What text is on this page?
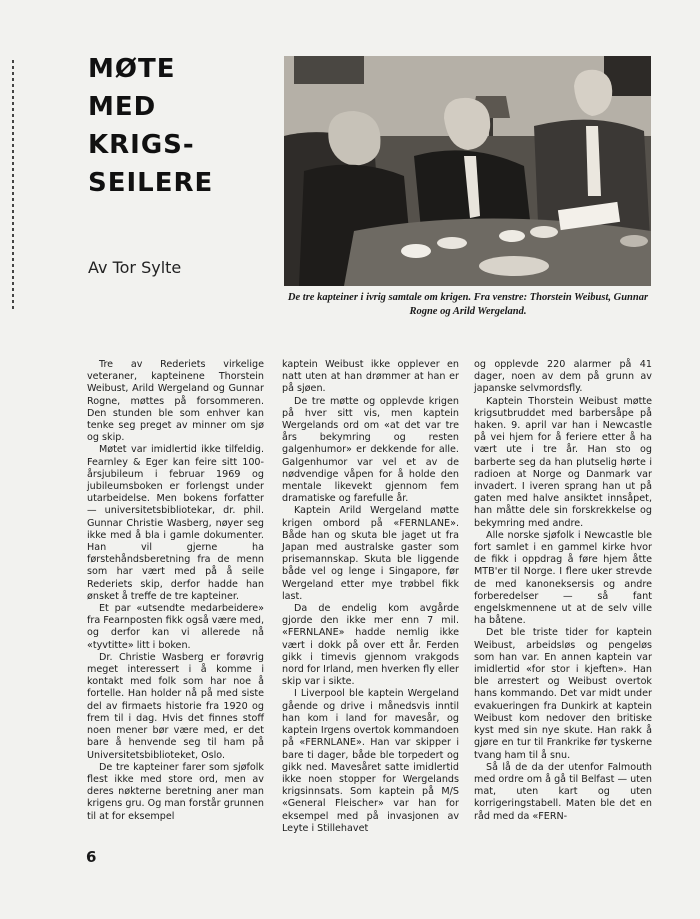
MØTE
MED
KRIGS-
SEILERE
Av Tor Sylte
De tre kapteiner i ivrig samtale om krigen. Fra venstre: Thorstein Weibust, Gunnar Rogne og Arild Wergeland.

Tre av Rederiets virkelige veteraner, kapteinene Thorstein Weibust, Arild Wergeland og Gunnar Rogne, møttes på forsommeren. Den stunden ble som enhver kan tenke seg preget av minner om sjø og skip.

Møtet var imidlertid ikke tilfeldig. Fearnley & Eger kan feire sitt 100-årsjubileum i februar 1969 og jubileumsboken er forlengst under utarbeidelse. Men bokens forfatter — universitetsbibliotekar, dr. phil. Gunnar Christie Wasberg, nøyer seg ikke med å bla i gamle dokumenter. Han vil gjerne ha førstehåndsberetning fra de menn som har vært med på å seile Rederiets skip, derfor hadde han ønsket å treffe de tre kapteiner.

Et par «utsendte medarbeidere» fra Fearnposten fikk også være med, og derfor kan vi allerede nå «tyvtitte» litt i boken.

Dr. Christie Wasberg er forøvrig meget interessert i å komme i kontakt med folk som har noe å fortelle. Han holder nå på med siste del av firmaets historie fra 1920 og frem til i dag. Hvis det finnes stoff noen mener bør være med, er det bare å henvende seg til ham på Universitetsbiblioteket, Oslo.

De tre kapteiner farer som sjøfolk flest ikke med store ord, men av deres nøkterne beretning aner man krigens gru. Og man forstår grunnen til at for eksempel

kaptein Weibust ikke opplever en natt uten at han drømmer at han er på sjøen.

De tre møtte og opplevde krigen på hver sitt vis, men kaptein Wergelands ord om «at det var tre års bekymring og resten galgenhumor» er dekkende for alle. Galgenhumor var vel et av de nødvendige våpen for å holde den mentale likevekt gjennom fem dramatiske og farefulle år.

Kaptein Arild Wergeland møtte krigen ombord på «FERNLANE». Både han og skuta ble jaget ut fra Japan med australske gaster som prisemannskap. Skuta ble liggende både vel og lenge i Singapore, før Wergeland etter mye trøbbel fikk last.

Da de endelig kom avgårde gjorde den ikke mer enn 7 mil. «FERNLANE» hadde nemlig ikke vært i dokk på over ett år. Ferden gikk i timevis gjennom vrakgods nord for Irland, men hverken fly eller skip var i sikte.

I Liverpool ble kaptein Wergeland gående og drive i månedsvis inntil han kom i land for mavesår, og kaptein Irgens overtok kommandoen på «FERNLANE». Han var skipper i bare ti dager, både ble torpedert og gikk ned. Mavesåret satte imidlertid ikke noen stopper for Wergelands krigsinnsats. Som kaptein på M/S «General Fleischer» var han for eksempel med på invasjonen av Leyte i Stillehavet

og opplevde 220 alarmer på 41 dager, noen av dem på grunn av japanske selvmordsfly.

Kaptein Thorstein Weibust møtte krigsutbruddet med barbersåpe på haken. 9. april var han i Newcastle på vei hjem for å feriere etter å ha vært ute i tre år. Han sto og barberte seg da han plutselig hørte i radioen at Norge og Danmark var invadert. I iveren sprang han ut på gaten med halve ansiktet innsåpet, han måtte dele sin forskrekkelse og bekymring med andre.

Alle norske sjøfolk i Newcastle ble fort samlet i en gammel kirke hvor de fikk i oppdrag å føre hjem åtte MTB'er til Norge. I flere uker strevde de med kanoneksersis og andre forberedelser — så fant engelskmennene ut at de selv ville ha båtene.

Det ble triste tider for kaptein Weibust, arbeidsløs og pengeløs som han var. En annen kaptein var imidlertid «for stor i kjeften». Han ble arrestert og Weibust overtok hans kommando. Det var midt under evakueringen fra Dunkirk at kaptein Weibust kom nedover den britiske kyst med sin nye skute. Han rakk å gjøre en tur til Frankrike før tyskerne tvang ham til å snu.

Så lå de da der utenfor Falmouth med ordre om å gå til Belfast — uten mat, uten kart og uten korrigeringstabell. Maten ble det en råd med da «FERN-

6
